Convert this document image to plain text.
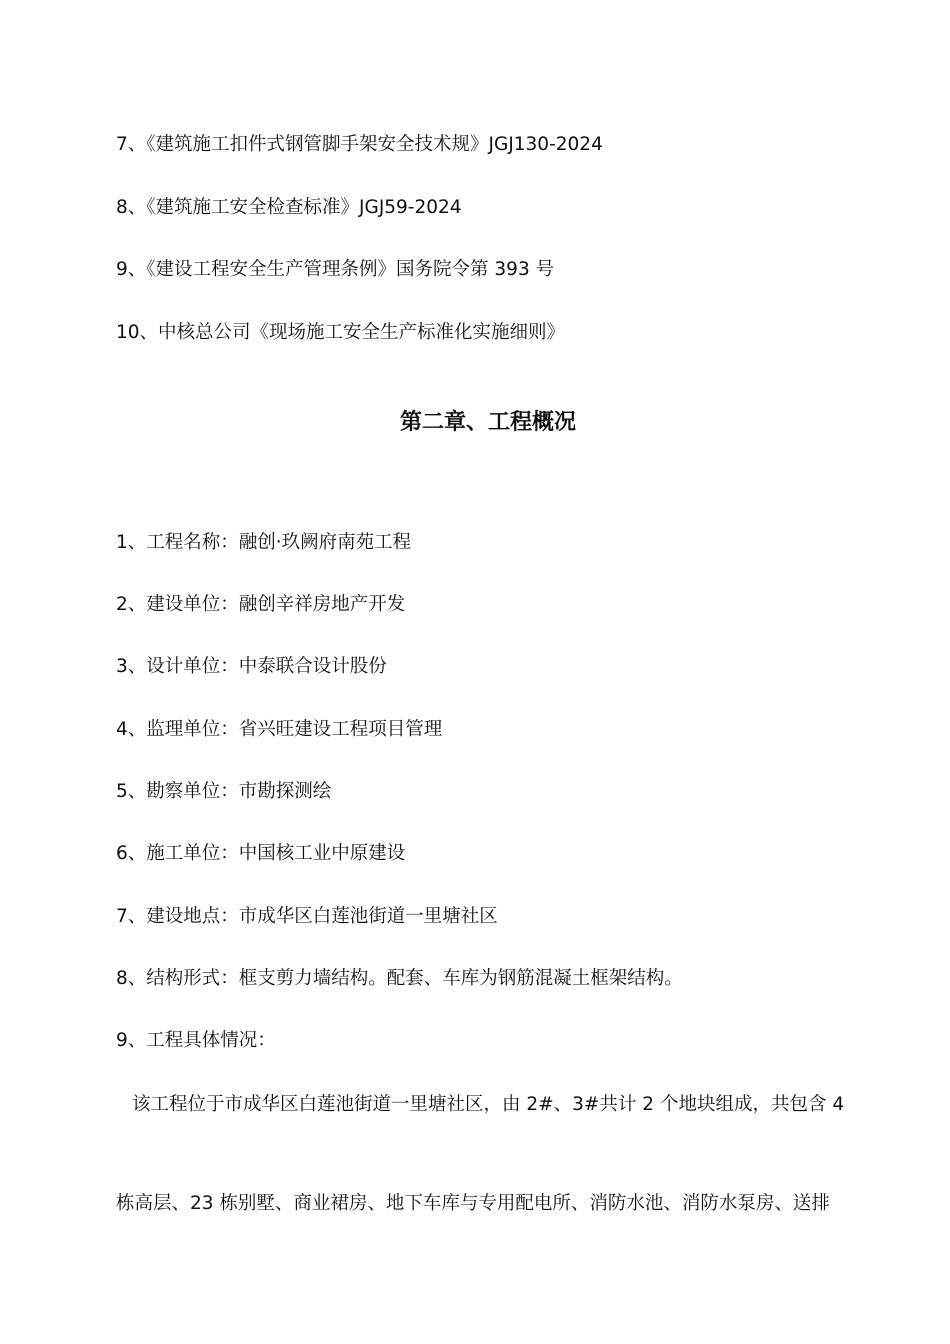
7、《建筑施工扣件式钢管脚手架安全技术规》JGJ130-2024
8、《建筑施工安全检查标准》JGJ59-2024
9、《建设工程安全生产管理条例》国务院令第 393 号
10、中核总公司《现场施工安全生产标准化实施细则》
第二章、工程概况
1、工程名称：融创·玖阙府南苑工程
2、建设单位：融创辛祥房地产开发
3、设计单位：中泰联合设计股份
4、监理单位：省兴旺建设工程项目管理
5、勘察单位：市勘探测绘
6、施工单位：中国核工业中原建设
7、建设地点：市成华区白莲池街道一里塘社区
8、结构形式：框支剪力墙结构。配套、车库为钢筋混凝土框架结构。
9、工程具体情况：
该工程位于市成华区白莲池街道一里塘社区，由 2#、3#共计 2 个地块组成，共包含 4
栋高层、23 栋别墅、商业裙房、地下车库与专用配电所、消防水池、消防水泵房、送排
